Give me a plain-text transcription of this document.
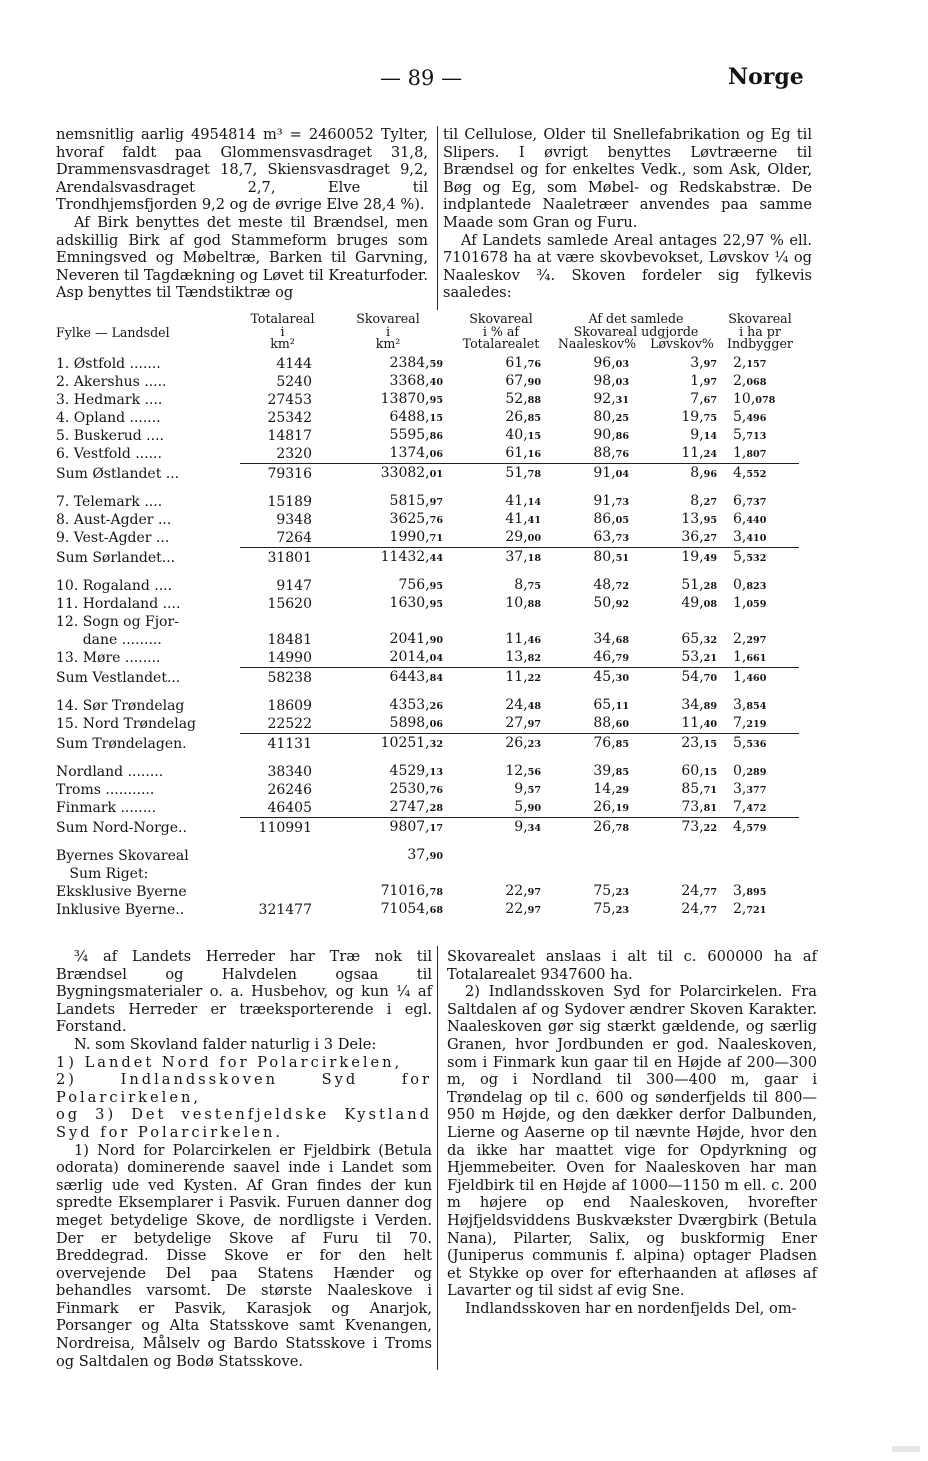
— 89 —	Norge

nemsnitlig aarlig 4954814 m³ = 2460052 Tylter, hvoraf faldt paa Glommensvasdraget 31,8, Drammensvasdraget 18,7, Skiensvasdraget 9,2, Arendalsvasdraget 2,7, Elve til Trondhjemsfjorden 9,2 og de øvrige Elve 28,4 %).

Af Birk benyttes det meste til Brændsel, men adskillig Birk af god Stammeform bruges som Emningsved og Møbeltræ, Barken til Garvning, Neveren til Tagdækning og Løvet til Kreaturfoder. Asp benyttes til Tændstiktræ og

til Cellulose, Older til Snellefabrikation og Eg til Slipers. I øvrigt benyttes Løvtræerne til Brændsel og for enkeltes Vedk., som Ask, Older, Bøg og Eg, som Møbel- og Redskabstræ. De indplantede Naaletræer anvendes paa samme Maade som Gran og Furu.

Af Landets samlede Areal antages 22,97 % ell. 7101678 ha at være skovbevokset, Løvskov ¼ og Naaleskov ¾. Skoven fordeler sig fylkevis saaledes:

Fylke — Landsdel	Totalareal
i
km²	Skovareal
i
km²	Skovareal
i % af
Totalarealet	Af det samlede
Skovareal udgjorde		Skovareal
i ha pr
Indbygger
				Naaleskov%	Løvskov%	
1. Østfold .......	4144	2384,59	61,76	96,03	3,97	2,157
2. Akershus .....	5240	3368,40	67,90	98,03	1,97	2,068
3. Hedmark ....	27453	13870,95	52,88	92,31	7,67	10,078
4. Opland .......	25342	6488,15	26,85	80,25	19,75	5,496
5. Buskerud ....	14817	5595,86	40,15	90,86	9,14	5,713
6. Vestfold ......	2320	1374,06	61,16	88,76	11,24	1,807
Sum Østlandet ...	79316	33082,01	51,78	91,04	8,96	4,552

7. Telemark ....	15189	5815,97	41,14	91,73	8,27	6,737
8. Aust-Agder ...	9348	3625,76	41,41	86,05	13,95	6,440
9. Vest-Agder ...	7264	1990,71	29,00	63,73	36,27	3,410
Sum Sørlandet...	31801	11432,44	37,18	80,51	19,49	5,532

10. Rogaland ....	9147	756,95	8,75	48,72	51,28	0,823
11. Hordaland ....	15620	1630,95	10,88	50,92	49,08	1,059
12. Sogn og Fjor-						
dane .........	18481	2041,90	11,46	34,68	65,32	2,297
13. Møre ........	14990	2014,04	13,82	46,79	53,21	1,661
Sum Vestlandet...	58238	6443,84	11,22	45,30	54,70	1,460

14. Sør Trøndelag	18609	4353,26	24,48	65,11	34,89	3,854
15. Nord Trøndelag	22522	5898,06	27,97	88,60	11,40	7,219
Sum Trøndelagen.	41131	10251,32	26,23	76,85	23,15	5,536

Nordland ........	38340	4529,13	12,56	39,85	60,15	0,289
Troms ...........	26246	2530,76	9,57	14,29	85,71	3,377
Finmark ........	46405	2747,28	5,90	26,19	73,81	7,472
Sum Nord-Norge..	110991	9807,17	9,34	26,78	73,22	4,579

Byernes Skovareal		37,90				
Sum Riget:						
Eksklusive Byerne		71016,78	22,97	75,23	24,77	3,895
Inklusive Byerne..	321477	71054,68	22,97	75,23	24,77	2,721

¾ af Landets Herreder har Træ nok til Brændsel og Halvdelen ogsaa til Bygningsmaterialer o. a. Husbehov, og kun ¼ af Landets Herreder er træeksporterende i egl. Forstand.

N. som Skovland falder naturlig i 3 Dele:

1) Landet Nord for Polarcirkelen,

2) Indlandsskoven Syd for Polarcirkelen,

og 3) Det vestenfjeldske Kystland Syd for Polarcirkelen.

1) Nord for Polarcirkelen er Fjeldbirk (Betula odorata) dominerende saavel inde i Landet som særlig ude ved Kysten. Af Gran findes der kun spredte Eksemplarer i Pasvik. Furuen danner dog meget betydelige Skove, de nordligste i Verden. Der er betydelige Skove af Furu til 70. Breddegrad. Disse Skove er for den helt overvejende Del paa Statens Hænder og behandles varsomt. De største Naaleskove i Finmark er Pasvik, Karasjok og Anarjok, Porsanger og Alta Statsskove samt Kvenangen, Nordreisa, Målselv og Bardo Statsskove i Troms og Saltdalen og Bodø Statsskove.

Skovarealet anslaas i alt til c. 600000 ha af Totalarealet 9347600 ha.

2) Indlandsskoven Syd for Polarcirkelen. Fra Saltdalen af og Sydover ændrer Skoven Karakter. Naaleskoven gør sig stærkt gældende, og særlig Granen, hvor Jordbunden er god. Naaleskoven, som i Finmark kun gaar til en Højde af 200—300 m, og i Nordland til 300—400 m, gaar i Trøndelag op til c. 600 og sønderfjelds til 800—950 m Højde, og den dækker derfor Dalbunden, Lierne og Aaserne op til nævnte Højde, hvor den da ikke har maattet vige for Opdyrkning og Hjemmebeiter. Oven for Naaleskoven har man Fjeldbirk til en Højde af 1000—1150 m ell. c. 200 m højere op end Naaleskoven, hvorefter Højfjeldsviddens Buskvækster Dværgbirk (Betula Nana), Pilarter, Salix, og buskformig Ener (Juniperus communis f. alpina) optager Pladsen et Stykke op over for efterhaanden at afløses af Lavarter og til sidst af evig Sne.

Indlandsskoven har en nordenfjelds Del, om-
